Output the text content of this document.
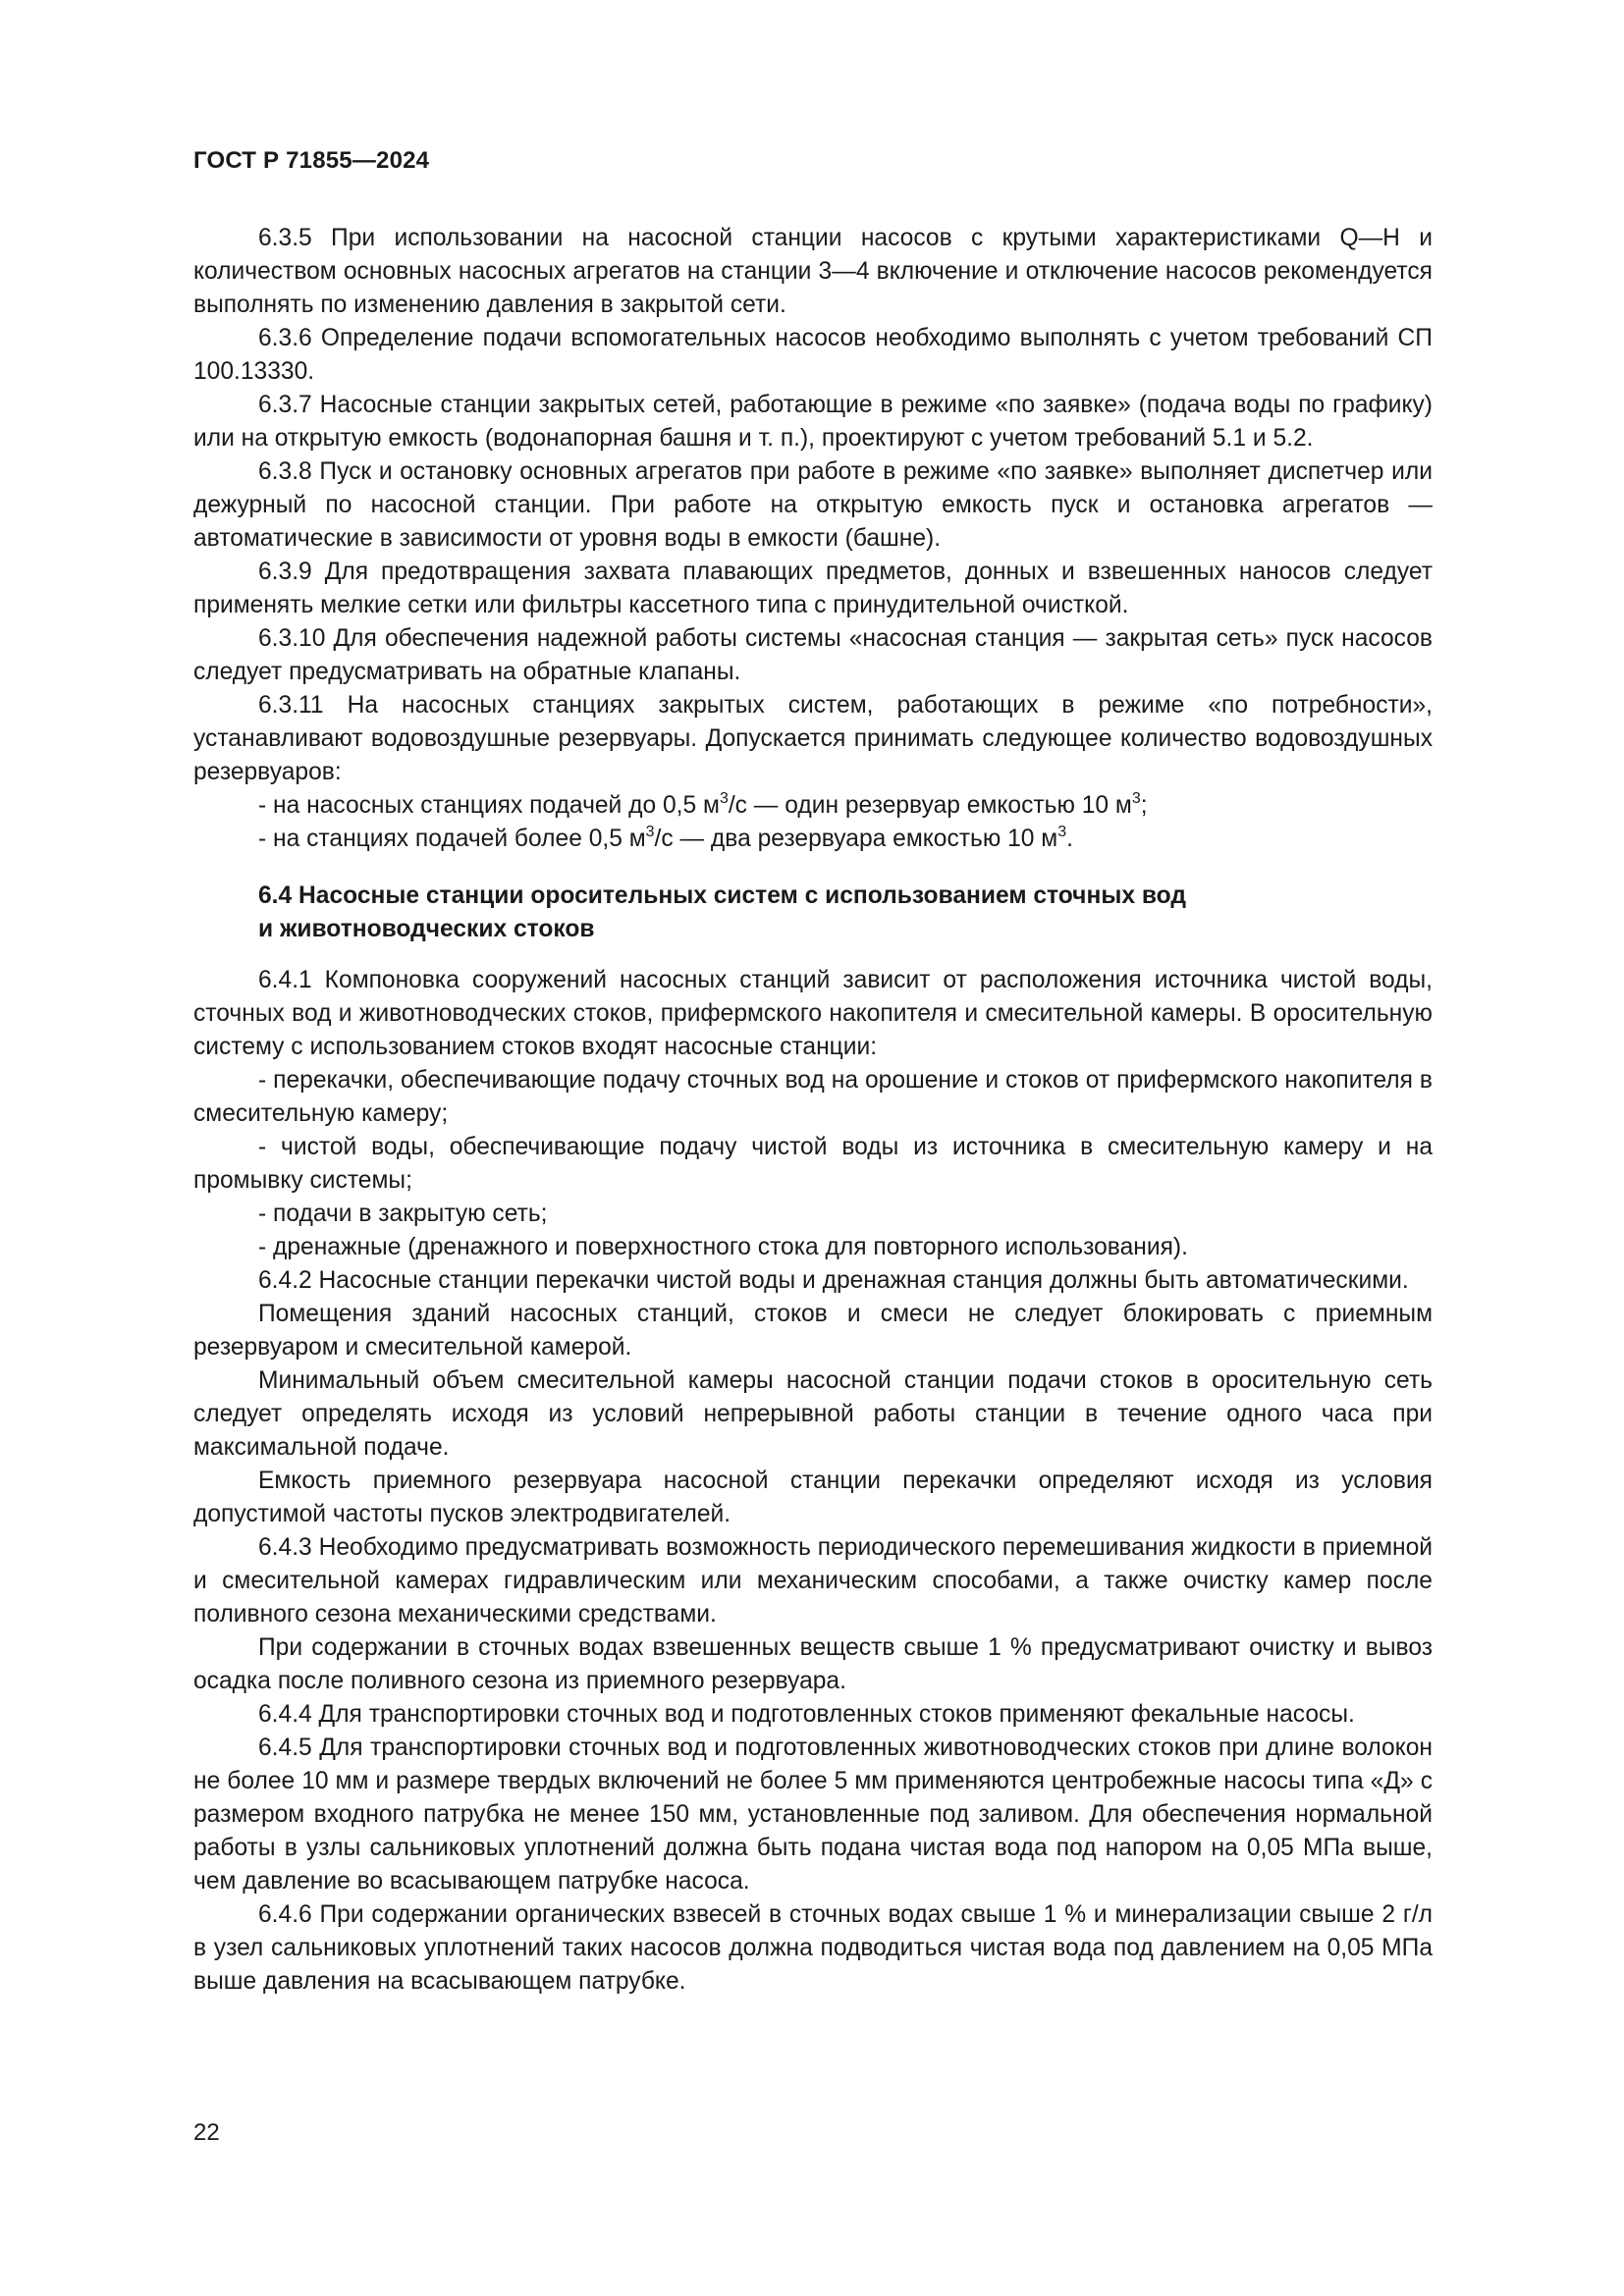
ГОСТ Р 71855—2024

6.3.5 При использовании на насосной станции насосов с крутыми характеристиками Q—H и количеством основных насосных агрегатов на станции 3—4 включение и отключение насосов рекомендуется выполнять по изменению давления в закрытой сети.

6.3.6 Определение подачи вспомогательных насосов необходимо выполнять с учетом требований СП 100.13330.

6.3.7 Насосные станции закрытых сетей, работающие в режиме «по заявке» (подача воды по графику) или на открытую емкость (водонапорная башня и т. п.), проектируют с учетом требований 5.1 и 5.2.

6.3.8 Пуск и остановку основных агрегатов при работе в режиме «по заявке» выполняет диспетчер или дежурный по насосной станции. При работе на открытую емкость пуск и остановка агрегатов — автоматические в зависимости от уровня воды в емкости (башне).

6.3.9 Для предотвращения захвата плавающих предметов, донных и взвешенных наносов следует применять мелкие сетки или фильтры кассетного типа с принудительной очисткой.

6.3.10 Для обеспечения надежной работы системы «насосная станция — закрытая сеть» пуск насосов следует предусматривать на обратные клапаны.

6.3.11 На насосных станциях закрытых систем, работающих в режиме «по потребности», устанавливают водовоздушные резервуары. Допускается принимать следующее количество водовоздушных резервуаров:

- на насосных станциях подачей до 0,5 $м^3/с$ — один резервуар емкостью 10 $м^3$;

- на станциях подачей более 0,5 $м^3/с$ — два резервуара емкостью 10 $м^3$.

6.4 Насосные станции оросительных систем с использованием сточных вод
и животноводческих стоков

6.4.1 Компоновка сооружений насосных станций зависит от расположения источника чистой воды, сточных вод и животноводческих стоков, прифермского накопителя и смесительной камеры. В оросительную систему с использованием стоков входят насосные станции:

- перекачки, обеспечивающие подачу сточных вод на орошение и стоков от прифермского накопителя в смесительную камеру;

- чистой воды, обеспечивающие подачу чистой воды из источника в смесительную камеру и на промывку системы;

- подачи в закрытую сеть;

- дренажные (дренажного и поверхностного стока для повторного использования).

6.4.2 Насосные станции перекачки чистой воды и дренажная станция должны быть автоматическими.

Помещения зданий насосных станций, стоков и смеси не следует блокировать с приемным резервуаром и смесительной камерой.

Минимальный объем смесительной камеры насосной станции подачи стоков в оросительную сеть следует определять исходя из условий непрерывной работы станции в течение одного часа при максимальной подаче.

Емкость приемного резервуара насосной станции перекачки определяют исходя из условия допустимой частоты пусков электродвигателей.

6.4.3 Необходимо предусматривать возможность периодического перемешивания жидкости в приемной и смесительной камерах гидравлическим или механическим способами, а также очистку камер после поливного сезона механическими средствами.

При содержании в сточных водах взвешенных веществ свыше 1 % предусматривают очистку и вывоз осадка после поливного сезона из приемного резервуара.

6.4.4 Для транспортировки сточных вод и подготовленных стоков применяют фекальные насосы.

6.4.5 Для транспортировки сточных вод и подготовленных животноводческих стоков при длине волокон не более 10 мм и размере твердых включений не более 5 мм применяются центробежные насосы типа «Д» с размером входного патрубка не менее 150 мм, установленные под заливом. Для обеспечения нормальной работы в узлы сальниковых уплотнений должна быть подана чистая вода под напором на 0,05 МПа выше, чем давление во всасывающем патрубке насоса.

6.4.6 При содержании органических взвесей в сточных водах свыше 1 % и минерализации свыше 2 г/л в узел сальниковых уплотнений таких насосов должна подводиться чистая вода под давлением на 0,05 МПа выше давления на всасывающем патрубке.

22
